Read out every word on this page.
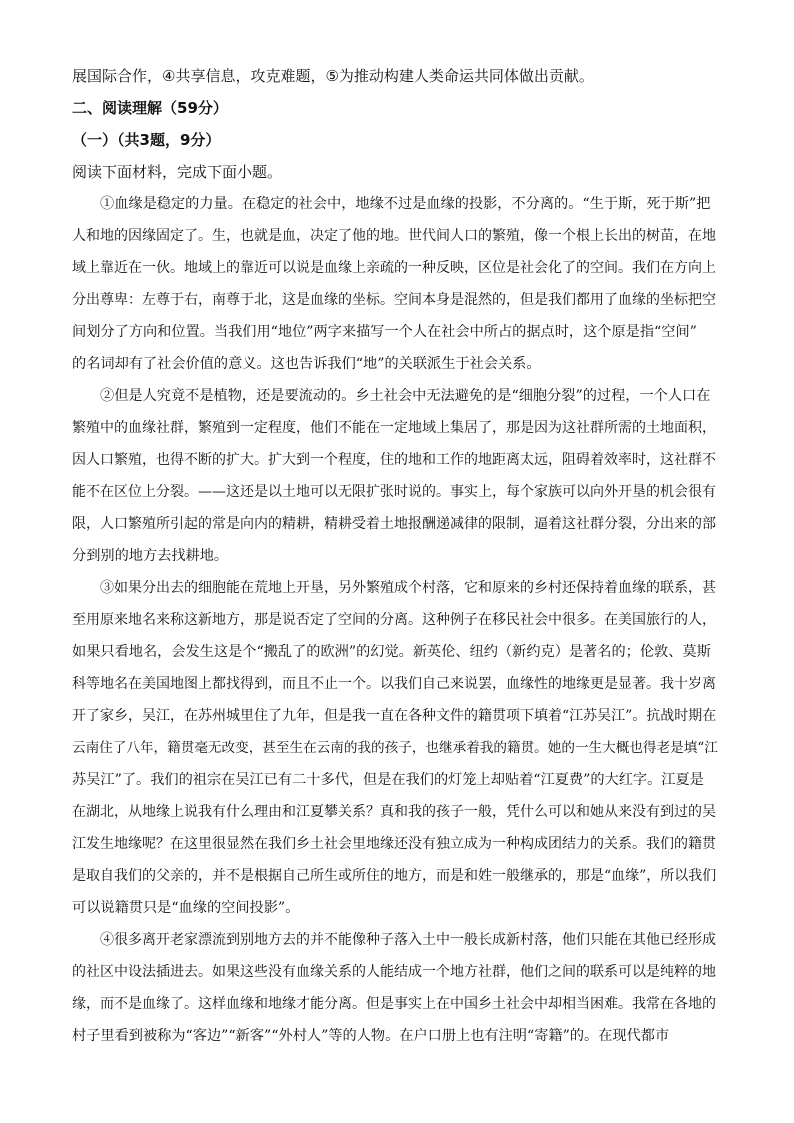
展国际合作，④共享信息，攻克难题，⑤为推动构建人类命运共同体做出贡献。

二、阅读理解（59分）

（一）（共3题，9分）

阅读下面材料，完成下面小题。

①血缘是稳定的力量。在稳定的社会中，地缘不过是血缘的投影，不分离的。“生于斯，死于斯”把

人和地的因缘固定了。生，也就是血，决定了他的地。世代间人口的繁殖，像一个根上长出的树苗，在地

域上靠近在一伙。地域上的靠近可以说是血缘上亲疏的一种反映，区位是社会化了的空间。我们在方向上

分出尊卑：左尊于右，南尊于北，这是血缘的坐标。空间本身是混然的，但是我们都用了血缘的坐标把空

间划分了方向和位置。当我们用“地位”两字来描写一个人在社会中所占的据点时，这个原是指“空间”

的名词却有了社会价值的意义。这也告诉我们“地”的关联派生于社会关系。

②但是人究竟不是植物，还是要流动的。乡土社会中无法避免的是“细胞分裂”的过程，一个人口在

繁殖中的血缘社群，繁殖到一定程度，他们不能在一定地域上集居了，那是因为这社群所需的土地面积，

因人口繁殖，也得不断的扩大。扩大到一个程度，住的地和工作的地距离太远，阻碍着效率时，这社群不

能不在区位上分裂。——这还是以土地可以无限扩张时说的。事实上，每个家族可以向外开垦的机会很有

限，人口繁殖所引起的常是向内的精耕，精耕受着土地报酬递减律的限制，逼着这社群分裂，分出来的部

分到别的地方去找耕地。

③如果分出去的细胞能在荒地上开垦，另外繁殖成个村落，它和原来的乡村还保持着血缘的联系，甚

至用原来地名来称这新地方，那是说否定了空间的分离。这种例子在移民社会中很多。在美国旅行的人，

如果只看地名，会发生这是个“搬乱了的欧洲”的幻觉。新英伦、纽约（新约克）是著名的；伦敦、莫斯

科等地名在美国地图上都找得到，而且不止一个。以我们自己来说罢，血缘性的地缘更是显著。我十岁离

开了家乡，吴江，在苏州城里住了九年，但是我一直在各种文件的籍贯项下填着“江苏吴江”。抗战时期在

云南住了八年，籍贯毫无改变，甚至生在云南的我的孩子，也继承着我的籍贯。她的一生大概也得老是填“江

苏吴江”了。我们的祖宗在吴江已有二十多代，但是在我们的灯笼上却贴着“江夏费”的大红字。江夏是

在湖北，从地缘上说我有什么理由和江夏攀关系？真和我的孩子一般，凭什么可以和她从来没有到过的吴

江发生地缘呢？在这里很显然在我们乡土社会里地缘还没有独立成为一种构成团结力的关系。我们的籍贯

是取自我们的父亲的，并不是根据自己所生或所住的地方，而是和姓一般继承的，那是“血缘”，所以我们

可以说籍贯只是“血缘的空间投影”。

④很多离开老家漂流到别地方去的并不能像种子落入土中一般长成新村落，他们只能在其他已经形成

的社区中设法插进去。如果这些没有血缘关系的人能结成一个地方社群，他们之间的联系可以是纯粹的地

缘，而不是血缘了。这样血缘和地缘才能分离。但是事实上在中国乡土社会中却相当困难。我常在各地的

村子里看到被称为“客边”“新客”“外村人”等的人物。在户口册上也有注明“寄籍”的。在现代都市
